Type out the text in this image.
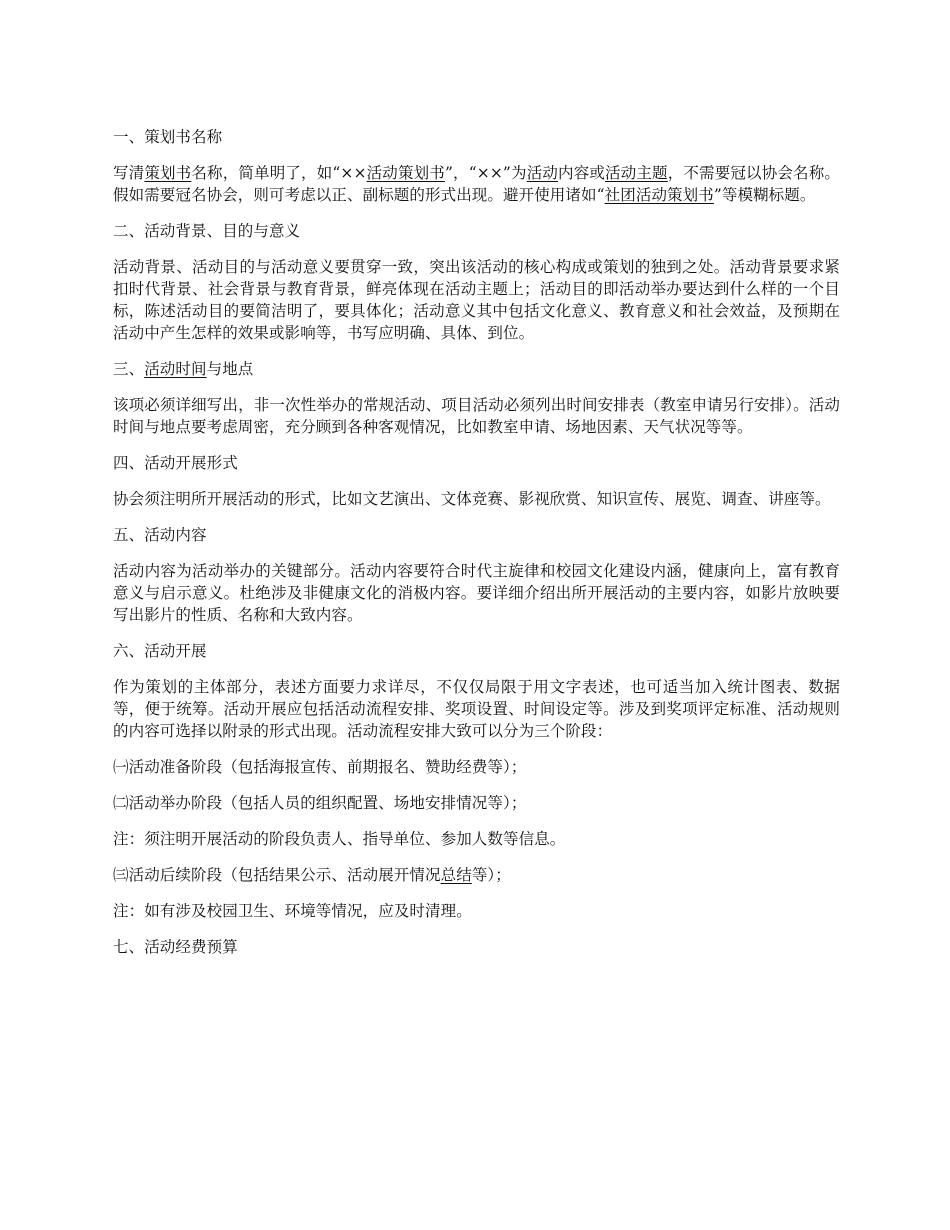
一、策划书名称

写清策划书名称，简单明了，如“××活动策划书”，“××”为活动内容或活动主题，不需要冠以协会名称。假如需要冠名协会，则可考虑以正、副标题的形式出现。避开使用诸如“社团活动策划书”等模糊标题。

二、活动背景、目的与意义

活动背景、活动目的与活动意义要贯穿一致，突出该活动的核心构成或策划的独到之处。活动背景要求紧扣时代背景、社会背景与教育背景，鲜亮体现在活动主题上；活动目的即活动举办要达到什么样的一个目标，陈述活动目的要简洁明了，要具体化；活动意义其中包括文化意义、教育意义和社会效益，及预期在活动中产生怎样的效果或影响等，书写应明确、具体、到位。

三、活动时间与地点

该项必须详细写出，非一次性举办的常规活动、项目活动必须列出时间安排表（教室申请另行安排）。活动时间与地点要考虑周密，充分顾到各种客观情况，比如教室申请、场地因素、天气状况等等。

四、活动开展形式

协会须注明所开展活动的形式，比如文艺演出、文体竞赛、影视欣赏、知识宣传、展览、调查、讲座等。

五、活动内容

活动内容为活动举办的关键部分。活动内容要符合时代主旋律和校园文化建设内涵，健康向上，富有教育意义与启示意义。杜绝涉及非健康文化的消极内容。要详细介绍出所开展活动的主要内容，如影片放映要写出影片的性质、名称和大致内容。

六、活动开展

作为策划的主体部分，表述方面要力求详尽，不仅仅局限于用文字表述，也可适当加入统计图表、数据等，便于统筹。活动开展应包括活动流程安排、奖项设置、时间设定等。涉及到奖项评定标准、活动规则的内容可选择以附录的形式出现。活动流程安排大致可以分为三个阶段：

㈠活动准备阶段（包括海报宣传、前期报名、赞助经费等）；

㈡活动举办阶段（包括人员的组织配置、场地安排情况等）；

注：须注明开展活动的阶段负责人、指导单位、参加人数等信息。

㈢活动后续阶段（包括结果公示、活动展开情况总结等）；

注：如有涉及校园卫生、环境等情况，应及时清理。

七、活动经费预算
